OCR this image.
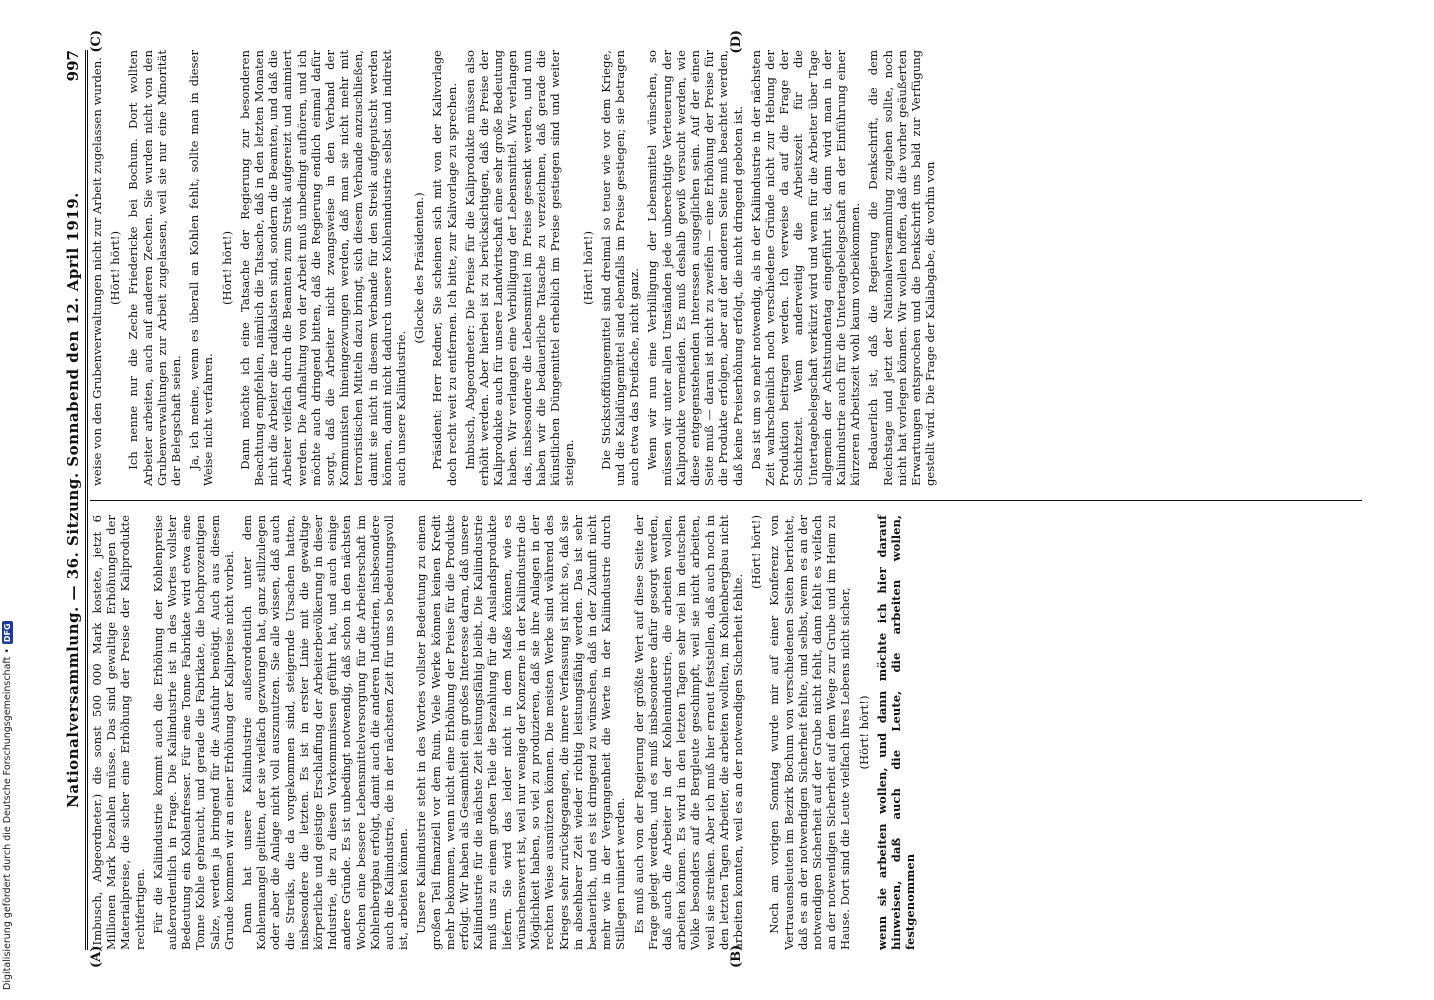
Digitalisierung gefördert durch die Deutsche Forschungsgemeinschaft •
DFG	Nationalversammlung. — 36. Sitzung. Sonnabend den 12. April 1919.
997
(A)	(B)

(Imbusch, Abgeordneter.) die sonst 500 000 Mark kostete, jetzt 6 Millionen Mark bezahlen müsse. Das sind gewaltige Erhöhungen der Materialpreise, die sicher eine Erhöhung der Preise der Kaliprodukte rechtfertigen. Für die Kaliindustrie kommt auch die Erhöhung der Kohlenpreise außerordentlich in Frage. Die Kaliindustrie ist in des Wortes vollster Bedeutung ein Kohlenfresser. Für eine Tonne Fabrikate wird etwa eine Tonne Kohle gebraucht, und gerade die Fabrikate, die hochprozentigen Salze, werden ja bringend für die Ausfuhr benötigt. Auch aus diesem Grunde kommen wir an einer Erhöhung der Kalipreise nicht vorbei. Dann hat unsere Kaliindustrie außerordentlich unter dem Kohlenmangel gelitten, der sie vielfach gezwungen hat, ganz stillzulegen oder aber die Anlage nicht voll auszunutzen. Sie alle wissen, daß auch die Streiks, die da vorgekommen sind, steigernde Ursachen hatten, insbesondere die letzten. Es ist in erster Linie mit die gewaltige körperliche und geistige Erschlaffung der Arbeiterbevölkerung in dieser Industrie, die zu diesen Vorkommnissen geführt hat, und auch einige andere Gründe. Es ist unbedingt notwendig, daß schon in den nächsten Wochen eine bessere Lebensmittelversorgung für die Arbeiterschaft im Kohlenbergbau erfolgt, damit auch die anderen Industrien, insbesondere auch die Kaliindustrie, die in der nächsten Zeit für uns so bedeutungsvoll ist, arbeiten können. Unsere Kaliindustrie steht in des Wortes vollster Bedeutung zu einem großen Teil finanziell vor dem Ruin. Viele Werke können keinen Kredit mehr bekommen, wenn nicht eine Erhöhung der Preise für die Produkte erfolgt. Wir haben als Gesamtheit ein großes Interesse daran, daß unsere Kaliindustrie für die nächste Zeit leistungsfähig bleibt. Die Kaliindustrie muß uns zu einem großen Teile die Bezahlung für die Auslandsprodukte liefern. Sie wird das leider nicht in dem Maße können, wie es wünschenswert ist, weil nur wenige der Konzerne in der Kaliindustrie die Möglichkeit haben, so viel zu produzieren, daß sie ihre Anlagen in der rechten Weise ausnützen können. Die meisten Werke sind während des Krieges sehr zurückgegangen, die innere Verfassung ist nicht so, daß sie in absehbarer Zeit wieder richtig leistungsfähig werden. Das ist sehr bedauerlich, und es ist dringend zu wünschen, daß in der Zukunft nicht mehr wie in der Vergangenheit die Werte in der Kaliindustrie durch Stillegen ruiniert werden. Es muß auch von der Regierung der größte Wert auf diese Seite der Frage gelegt werden, und es muß insbesondere dafür gesorgt werden, daß auch die Arbeiter in der Kohlenindustrie, die arbeiten wollen, arbeiten können. Es wird in den letzten Tagen sehr viel im deutschen Volke besonders auf die Bergleute geschimpft, weil sie nicht arbeiten, weil sie streiken. Aber ich muß hier erneut feststellen, daß auch noch in den letzten Tagen Arbeiter, die arbeiten wollten, im Kohlenbergbau nicht arbeiten konnten, weil es an der notwendigen Sicherheit fehlte.

(Hört! hört!) Noch am vorigen Sonntag wurde mir auf einer Konferenz von Vertrauensleuten im Bezirk Bochum von verschiedenen Seiten berichtet, daß es an der notwendigen Sicherheit fehlte, und selbst, wenn es an der notwendigen Sicherheit auf der Grube nicht fehlt, dann fehlt es vielfach an der notwendigen Sicherheit auf dem Wege zur Grube und im Heim zu Hause. Dort sind die Leute vielfach ihres Lebens nicht sicher, (Hört! hört!) wenn sie arbeiten wollen, und dann möchte ich hier darauf hinweisen, daß auch die Leute, die arbeiten wollen, festgenommen

(C)	(D)

weise von den Grubenverwaltungen nicht zur Arbeit zugelassen wurden. (Hört! hört!) Ich nenne nur die Zeche Friedericke bei Bochum. Dort wollten Arbeiter arbeiten, auch auf anderen Zechen. Sie wurden nicht von den Grubenverwaltungen zur Arbeit zugelassen, weil sie nur eine Minorität der Belegschaft seien. Ja, ich meine, wenn es überall an Kohlen fehlt, sollte man in dieser Weise nicht verfahren.

(Hört! hört!) Dann möchte ich eine Tatsache der Regierung zur besonderen Beachtung empfehlen, nämlich die Tatsache, daß in den letzten Monaten nicht die Arbeiter die radikalsten sind, sondern die Beamten, und daß die Arbeiter vielfach durch die Beamten zum Streik aufgereizt und animiert werden. Die Aufhaltung von der Arbeit muß unbedingt aufhören, und ich möchte auch dringend bitten, daß die Regierung endlich einmal dafür sorgt, daß die Arbeiter nicht zwangsweise in den Verband der Kommunisten hineingezwungen werden, daß man sie nicht mehr mit terroristischen Mitteln dazu bringt, sich diesem Verbande anzuschließen, damit sie nicht in diesem Verbande für den Streik aufgeputscht werden können, damit nicht dadurch unsere Kohlenindustrie selbst und indirekt auch unsere Kaliindustrie.

(Glocke des Präsidenten.) Präsident: Herr Redner, Sie scheinen sich mit von der Kalivorlage doch recht weit zu entfernen. Ich bitte, zur Kalivorlage zu sprechen. Imbusch, Abgeordneter: Die Preise für die Kaliprodukte müssen also erhöht werden. Aber hierbei ist zu berücksichtigen, daß die Preise der Kaliprodukte auch für unsere Landwirtschaft eine sehr große Bedeutung haben. Wir verlangen eine Verbilligung der Lebensmittel. Wir verlangen das, insbesondere die Lebensmittel im Preise gesenkt werden, und nun haben wir die bedauerliche Tatsache zu verzeichnen, daß gerade die künstlichen Düngemittel erheblich im Preise gestiegen sind und weiter steigen.

(Hört! hört!) Die Stickstoffdüngemittel sind dreimal so teuer wie vor dem Kriege, und die Kalidüngemittel sind ebenfalls im Preise gestiegen; sie betragen auch etwa das Dreifache, nicht ganz. Wenn wir nun eine Verbilligung der Lebensmittel wünschen, so müssen wir unter allen Umständen jede unberechtigte Verteuerung der Kaliprodukte vermeiden. Es muß deshalb gewiß versucht werden, wie diese entgegenstehenden Interessen ausgeglichen sein. Auf der einen Seite muß — daran ist nicht zu zweifeln — eine Erhöhung der Preise für die Produkte erfolgen, aber auf der anderen Seite muß beachtet werden, daß keine Preiserhöhung erfolgt, die nicht dringend geboten ist. Das ist um so mehr notwendig, als in der Kaliindustrie in der nächsten Zeit wahrscheinlich noch verschiedene Gründe nicht zur Hebung der Produktion beitragen werden. Ich verweise da auf die Frage der Schichtzeit. Wenn anderweitig die Arbeitszeit für die Untertagebelegschaft verkürzt wird und wenn für die Arbeiter über Tage allgemein der Achtstundentag eingeführt ist, dann wird man in der Kaliindustrie auch für die Untertagebelegschaft an der Einführung einer kürzeren Arbeitszeit wohl kaum vorbeikommen. Bedauerlich ist, daß die Regierung die Denkschrift, die dem Reichstage und jetzt der Nationalversammlung zugehen sollte, noch nicht hat vorlegen können. Wir wollen hoffen, daß die vorher geäußerten Erwartungen entsprochen und die Denkschrift uns bald zur Verfügung gestellt wird. Die Frage der Kaliabgabe, die vorhin von
